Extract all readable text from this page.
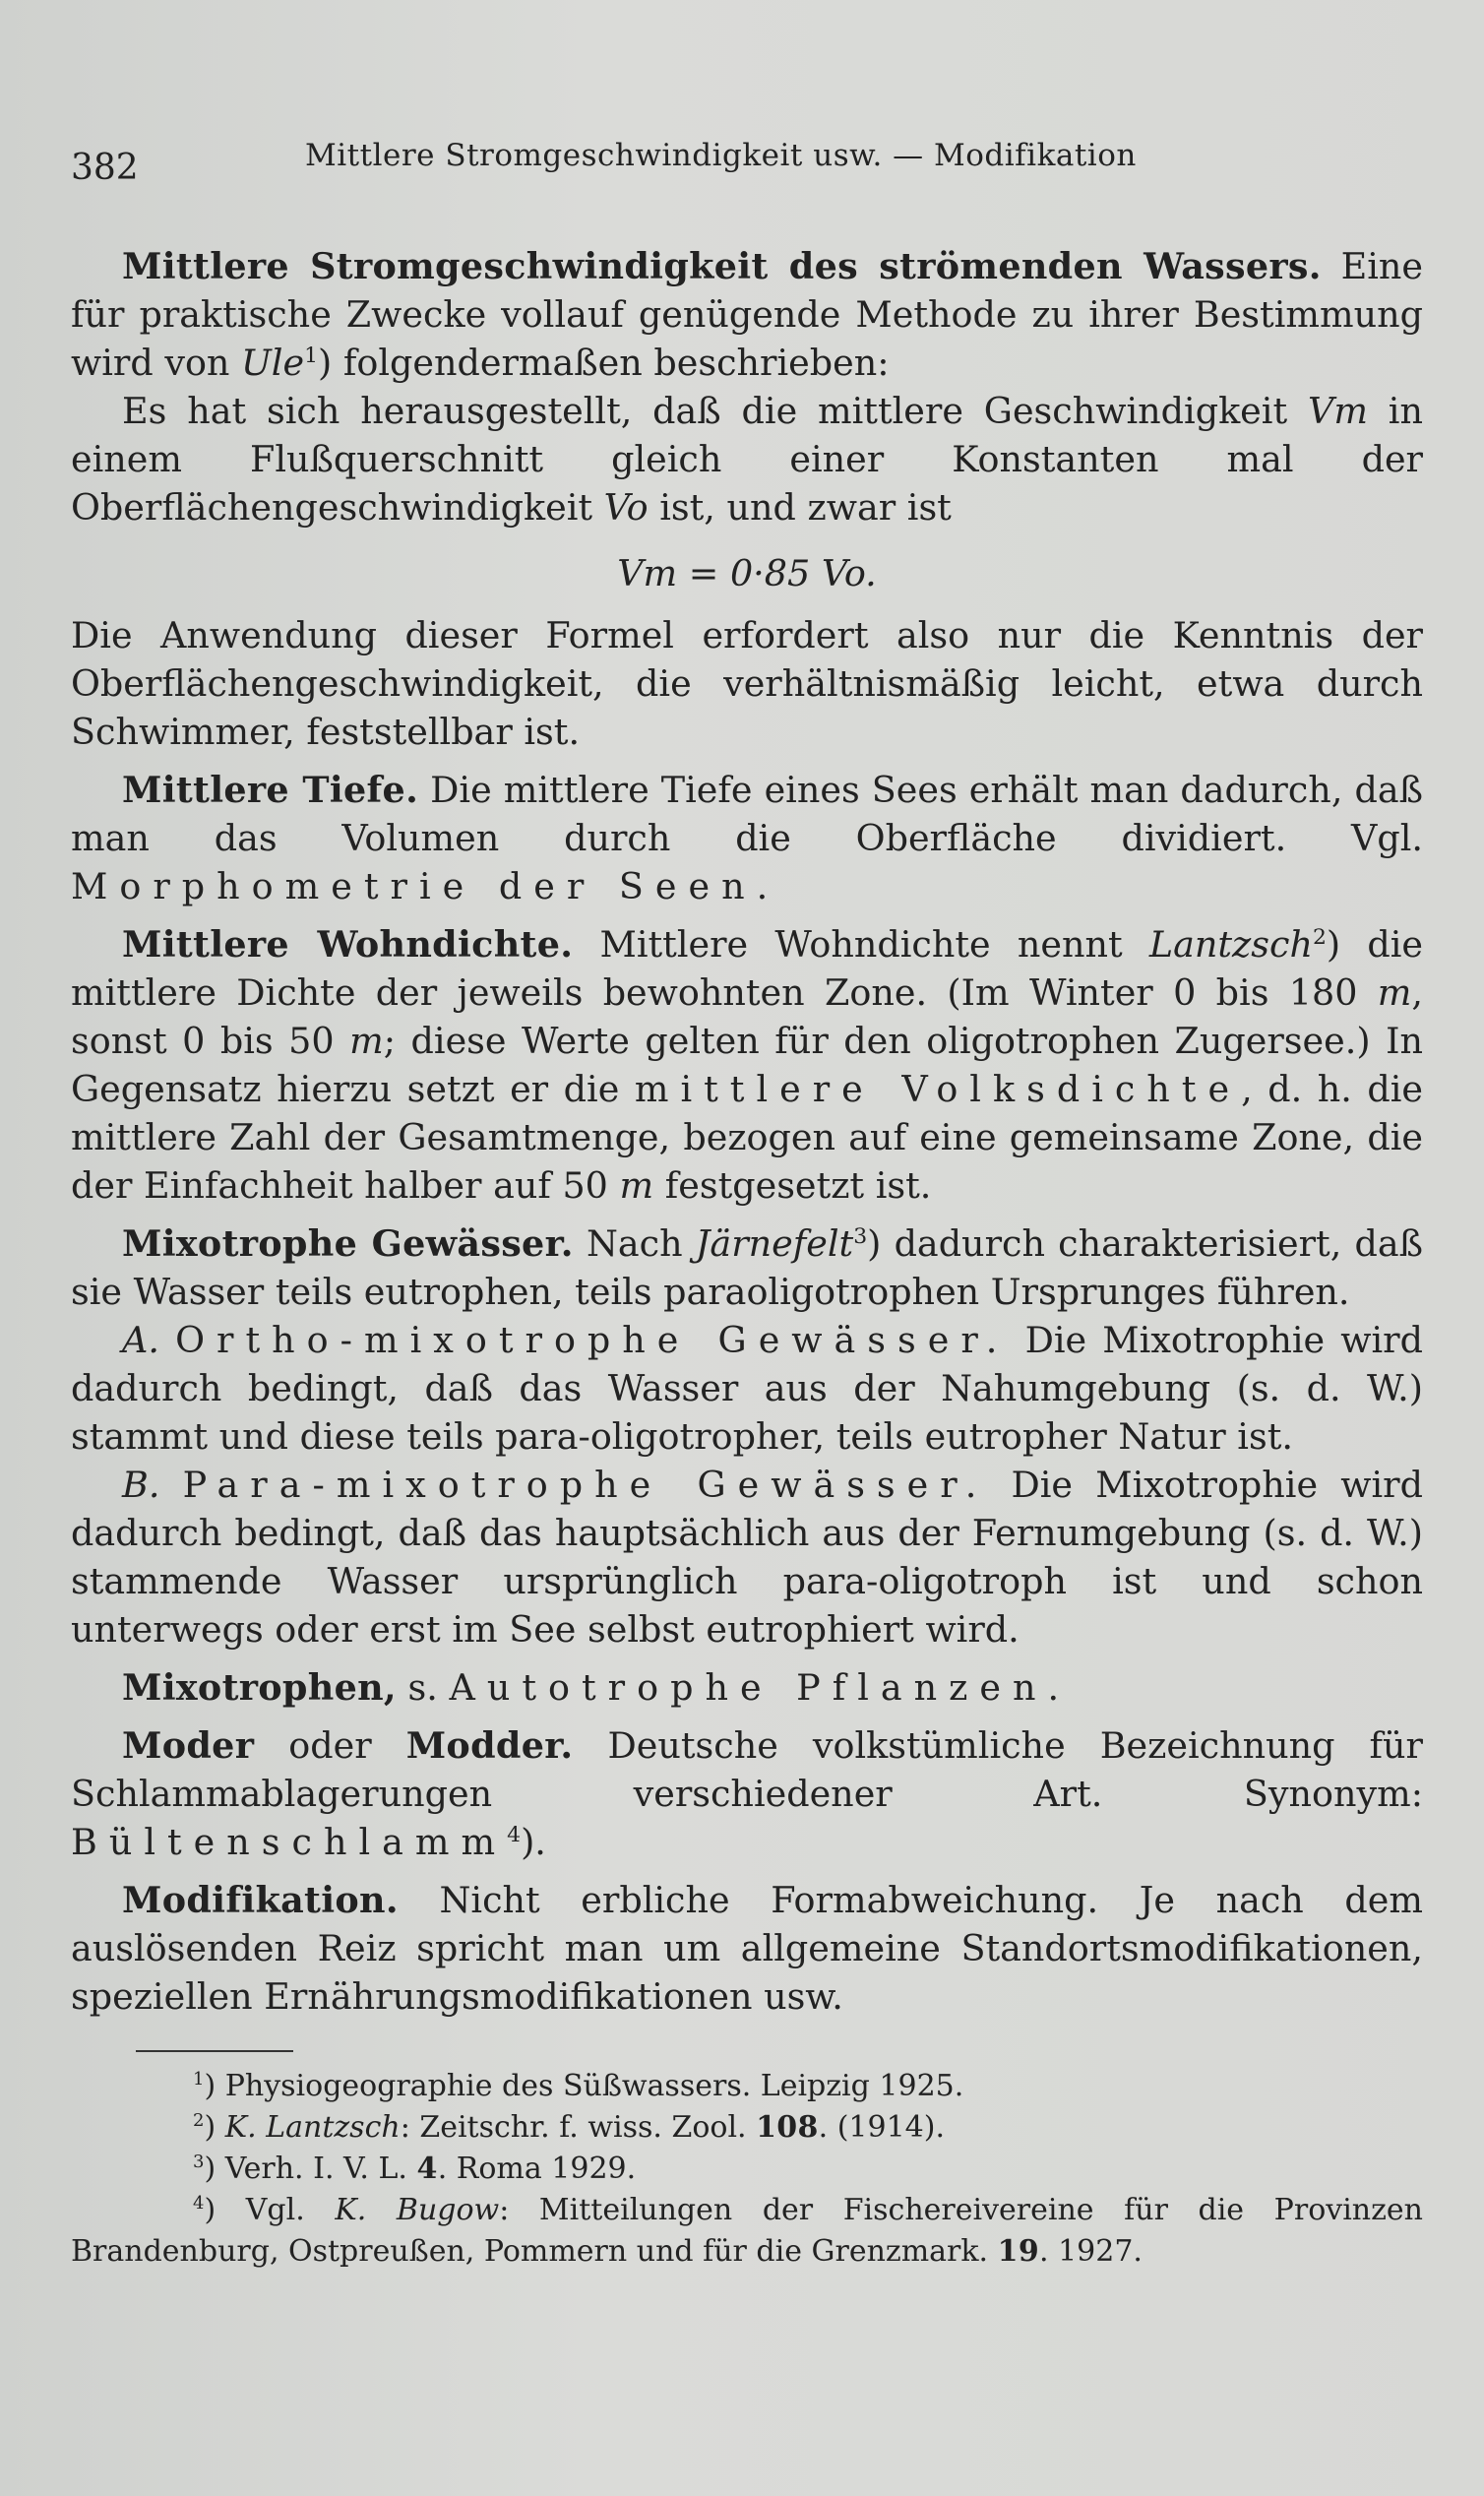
382	Mittlere Stromgeschwindigkeit usw. — Modifikation

Mittlere Stromgeschwindigkeit des strömenden Wassers. Eine für praktische Zwecke vollauf genügende Methode zu ihrer Bestimmung wird von Ule$^1$) folgendermaßen beschrieben:

Es hat sich herausgestellt, daß die mittlere Geschwindigkeit Vm in einem Flußquerschnitt gleich einer Konstanten mal der Oberflächengeschwindigkeit Vo ist, und zwar ist

Vm = 0·85 Vo.

Die Anwendung dieser Formel erfordert also nur die Kenntnis der Oberflächengeschwindigkeit, die verhältnismäßig leicht, etwa durch Schwimmer, feststellbar ist.

Mittlere Tiefe. Die mittlere Tiefe eines Sees erhält man dadurch, daß man das Volumen durch die Oberfläche dividiert. Vgl. Morphometrie der Seen.

Mittlere Wohndichte. Mittlere Wohndichte nennt Lantzsch$^2$) die mittlere Dichte der jeweils bewohnten Zone. (Im Winter 0 bis 180 m, sonst 0 bis 50 m; diese Werte gelten für den oligotrophen Zugersee.) In Gegensatz hierzu setzt er die mittlere Volksdichte, d. h. die mittlere Zahl der Gesamtmenge, bezogen auf eine gemeinsame Zone, die der Einfachheit halber auf 50 m festgesetzt ist.

Mixotrophe Gewässer. Nach Järnefelt$^3$) dadurch charakterisiert, daß sie Wasser teils eutrophen, teils paraoligotrophen Ursprunges führen.

A. Ortho-mixotrophe Gewässer. Die Mixotrophie wird dadurch bedingt, daß das Wasser aus der Nahumgebung (s. d. W.) stammt und diese teils para-oligotropher, teils eutropher Natur ist.

B. Para-mixotrophe Gewässer. Die Mixotrophie wird dadurch bedingt, daß das hauptsächlich aus der Fernumgebung (s. d. W.) stammende Wasser ursprünglich para-oligotroph ist und schon unterwegs oder erst im See selbst eutrophiert wird.

Mixotrophen, s. Autotrophe Pflanzen.

Moder oder Modder. Deutsche volkstümliche Bezeichnung für Schlammablagerungen verschiedener Art. Synonym: Bültenschlamm$^4$).

Modifikation. Nicht erbliche Formabweichung. Je nach dem auslösenden Reiz spricht man um allgemeine Standortsmodifikationen, speziellen Ernährungsmodifikationen usw.

$^1$) Physiogeographie des Süßwassers. Leipzig 1925.

$^2$) K. Lantzsch: Zeitschr. f. wiss. Zool. 108. (1914).

$^3$) Verh. I. V. L. 4. Roma 1929.

$^4$) Vgl. K. Bugow: Mitteilungen der Fischereivereine für die Provinzen Brandenburg, Ostpreußen, Pommern und für die Grenzmark. 19. 1927.
